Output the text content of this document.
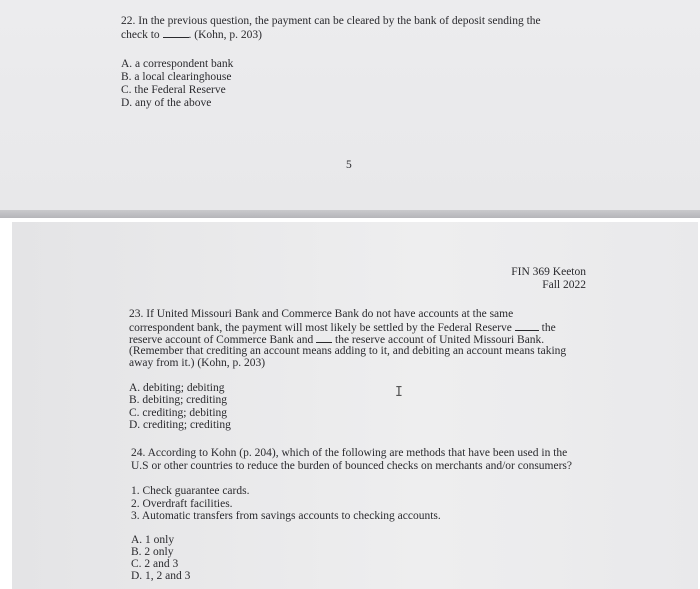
22. In the previous question, the payment can be cleared by the bank of deposit sending the
check to	. (Kohn, p. 203)
A. a correspondent bank
B. a local clearinghouse
C. the Federal Reserve
D. any of the above
5
FIN 369 Keeton
Fall 2022
23. If United Missouri Bank and Commerce Bank do not have accounts at the same
correspondent bank, the payment will most likely be settled by the Federal Reserve	the
reserve account of Commerce Bank and the reserve account of United Missouri Bank.
(Remember that crediting an account means adding to it, and debiting an account means taking
away from it.) (Kohn, p. 203)
A. debiting; debiting
B. debiting; crediting
C. crediting; debiting
D. crediting; crediting
I
24. According to Kohn (p. 204), which of the following are methods that have been used in the
U.S or other countries to reduce the burden of bounced checks on merchants and/or consumers?
1. Check guarantee cards.
2. Overdraft facilities.
3. Automatic transfers from savings accounts to checking accounts.
A. 1 only
B. 2 only
C. 2 and 3
D. 1, 2 and 3
